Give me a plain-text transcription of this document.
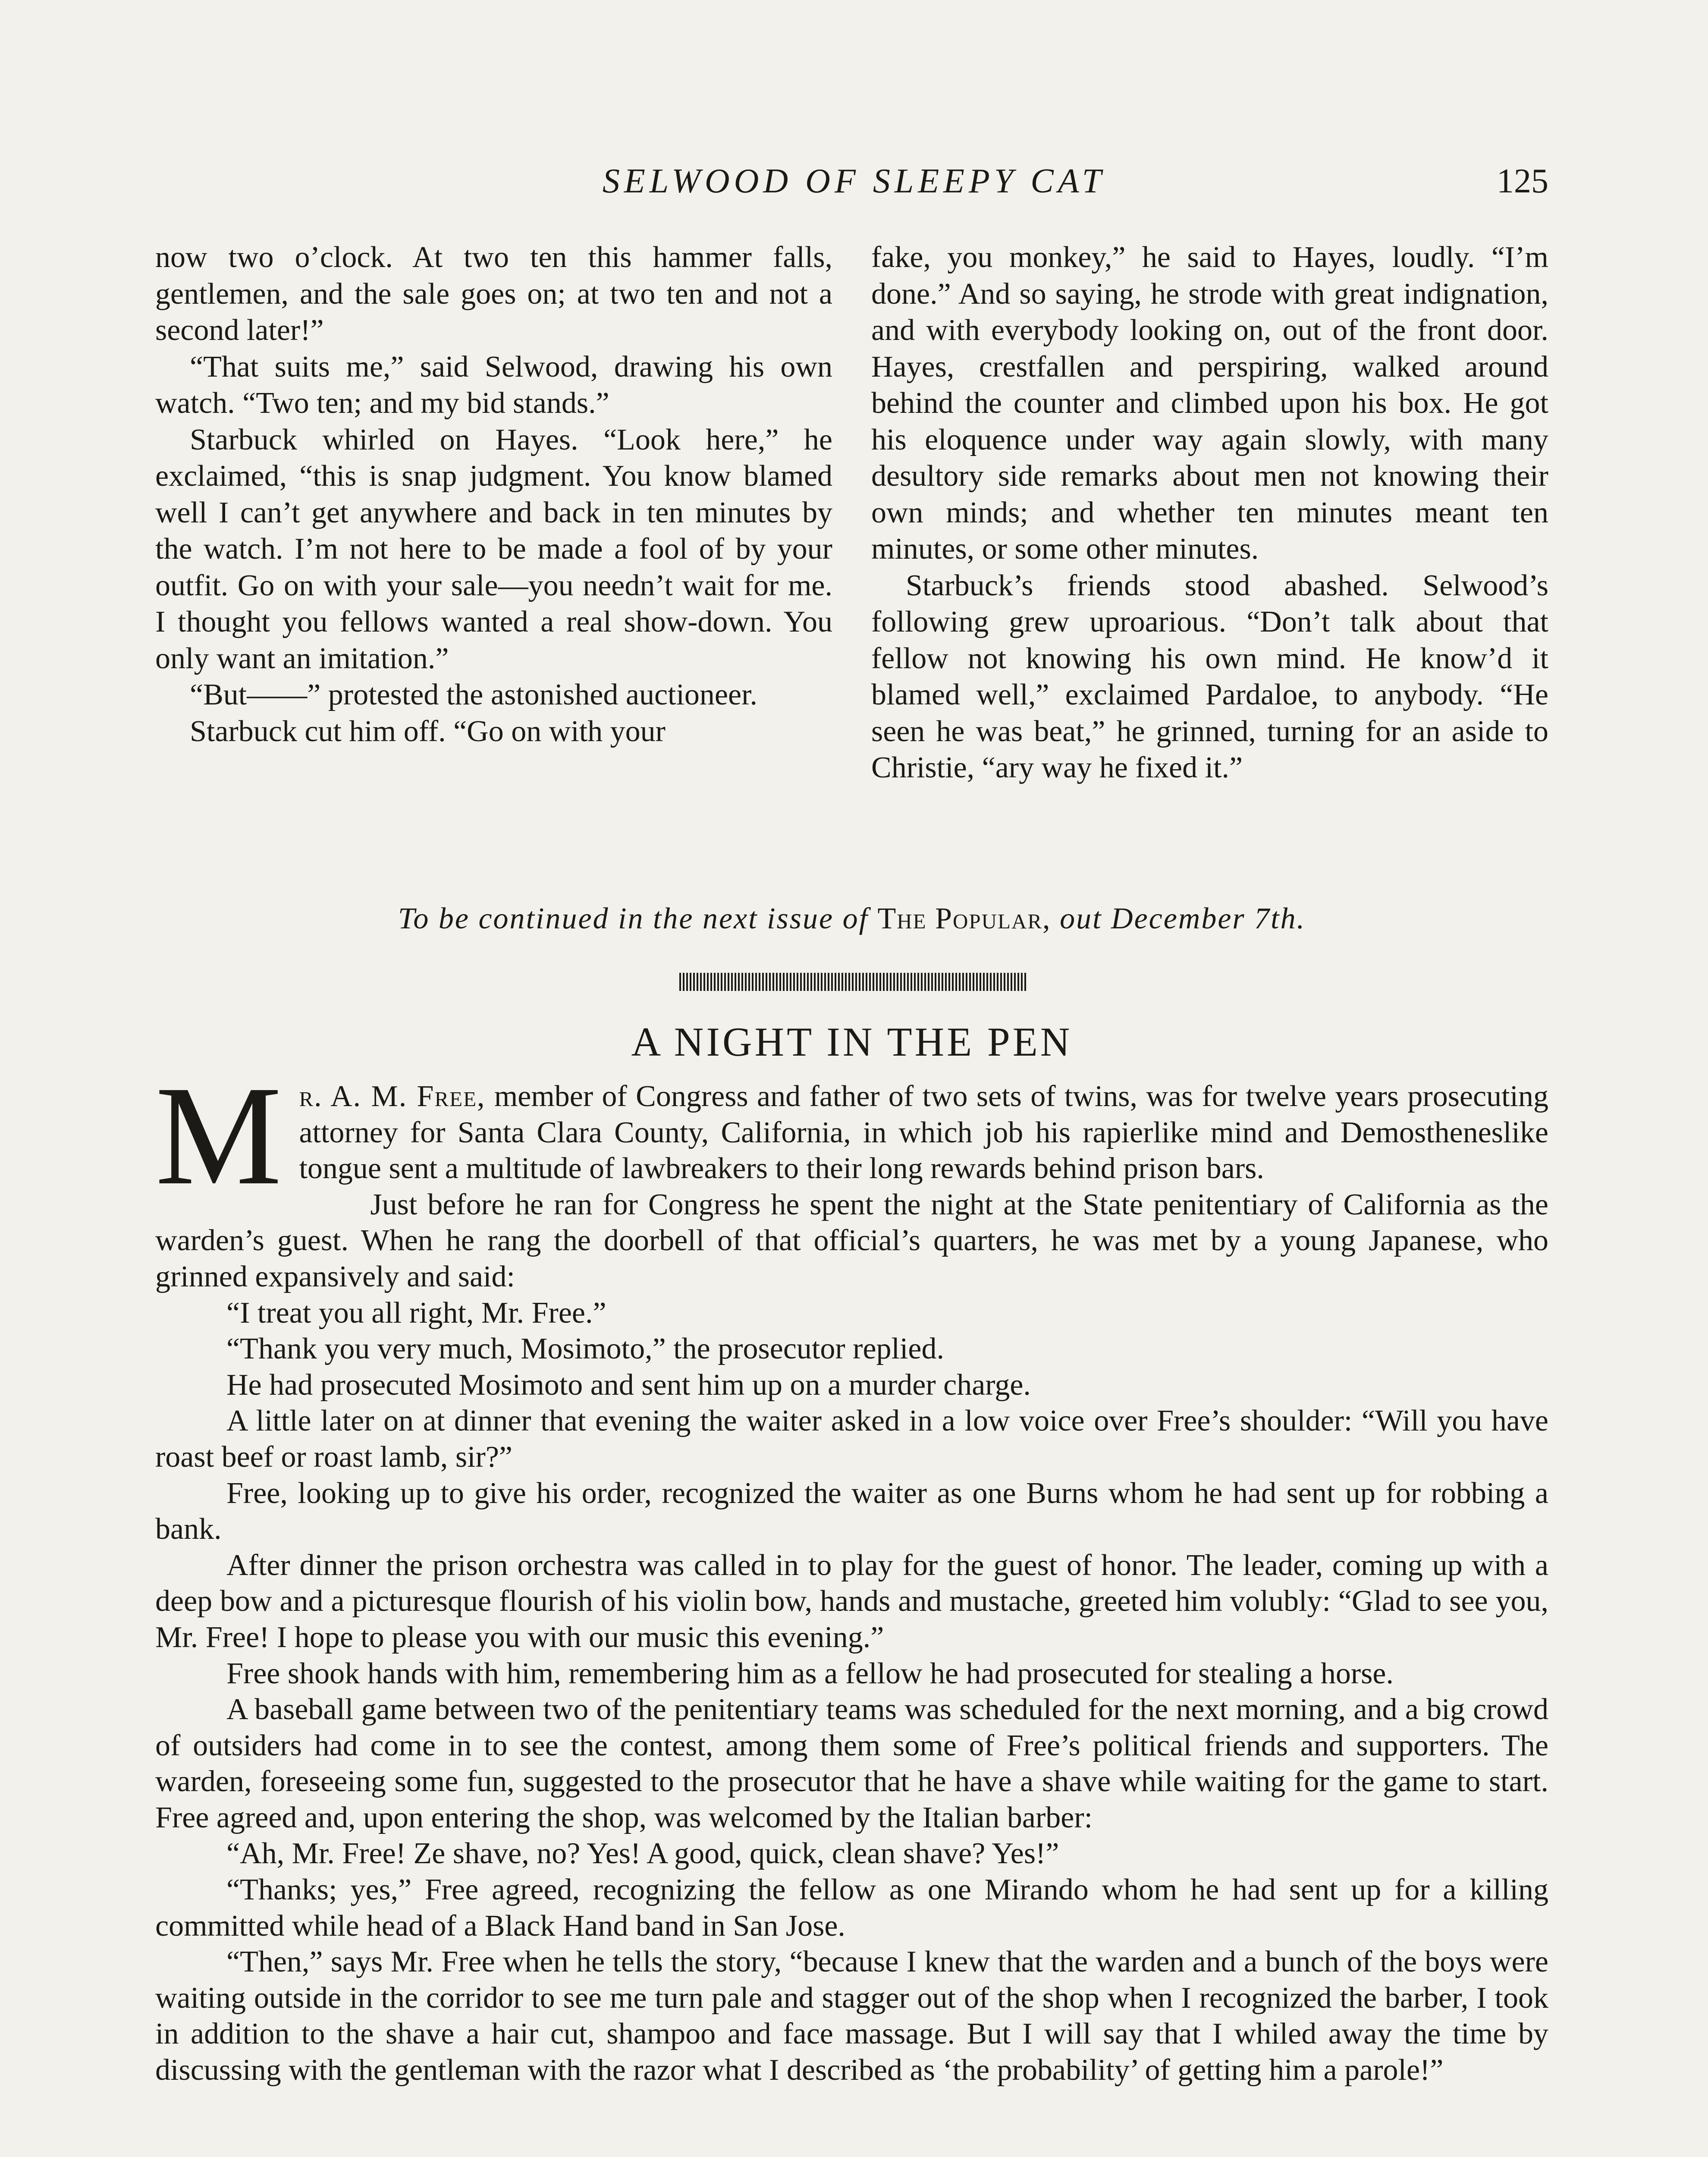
SELWOOD OF SLEEPY CAT	125

now two o’clock. At two ten this hammer falls, gentlemen, and the sale goes on; at two ten and not a second later!”

“That suits me,” said Selwood, drawing his own watch. “Two ten; and my bid stands.”

Starbuck whirled on Hayes. “Look here,” he exclaimed, “this is snap judgment. You know blamed well I can’t get anywhere and back in ten minutes by the watch. I’m not here to be made a fool of by your outfit. Go on with your sale—you needn’t wait for me. I thought you fellows wanted a real show-down. You only want an imitation.”

“But——” protested the astonished auctioneer.

Starbuck cut him off. “Go on with your

fake, you monkey,” he said to Hayes, loudly. “I’m done.” And so saying, he strode with great indignation, and with everybody looking on, out of the front door. Hayes, crestfallen and perspiring, walked around behind the counter and climbed upon his box. He got his eloquence under way again slowly, with many desultory side remarks about men not knowing their own minds; and whether ten minutes meant ten minutes, or some other minutes.

Starbuck’s friends stood abashed. Selwood’s following grew uproarious. “Don’t talk about that fellow not knowing his own mind. He know’d it blamed well,” exclaimed Pardaloe, to anybody. “He seen he was beat,” he grinned, turning for an aside to Christie, “ary way he fixed it.”

To be continued in the next issue of The Popular, out December 7th.
A NIGHT IN THE PEN

Mr. A. M. Free, member of Congress and father of two sets of twins, was for twelve years prosecuting attorney for Santa Clara County, California, in which job his rapierlike mind and Demostheneslike tongue sent a multitude of lawbreakers to their long rewards behind prison bars.

Just before he ran for Congress he spent the night at the State penitentiary of California as the warden’s guest. When he rang the doorbell of that official’s quarters, he was met by a young Japanese, who grinned expansively and said:

“I treat you all right, Mr. Free.”

“Thank you very much, Mosimoto,” the prosecutor replied.

He had prosecuted Mosimoto and sent him up on a murder charge.

A little later on at dinner that evening the waiter asked in a low voice over Free’s shoulder: “Will you have roast beef or roast lamb, sir?”

Free, looking up to give his order, recognized the waiter as one Burns whom he had sent up for robbing a bank.

After dinner the prison orchestra was called in to play for the guest of honor. The leader, coming up with a deep bow and a picturesque flourish of his violin bow, hands and mustache, greeted him volubly: “Glad to see you, Mr. Free! I hope to please you with our music this evening.”

Free shook hands with him, remembering him as a fellow he had prosecuted for stealing a horse.

A baseball game between two of the penitentiary teams was scheduled for the next morning, and a big crowd of outsiders had come in to see the contest, among them some of Free’s political friends and supporters. The warden, foreseeing some fun, suggested to the prosecutor that he have a shave while waiting for the game to start. Free agreed and, upon entering the shop, was welcomed by the Italian barber:

“Ah, Mr. Free! Ze shave, no? Yes! A good, quick, clean shave? Yes!”

“Thanks; yes,” Free agreed, recognizing the fellow as one Mirando whom he had sent up for a killing committed while head of a Black Hand band in San Jose.

“Then,” says Mr. Free when he tells the story, “because I knew that the warden and a bunch of the boys were waiting outside in the corridor to see me turn pale and stagger out of the shop when I recognized the barber, I took in addition to the shave a hair cut, shampoo and face massage. But I will say that I whiled away the time by discussing with the gentleman with the razor what I described as ‘the probability’ of getting him a parole!”
